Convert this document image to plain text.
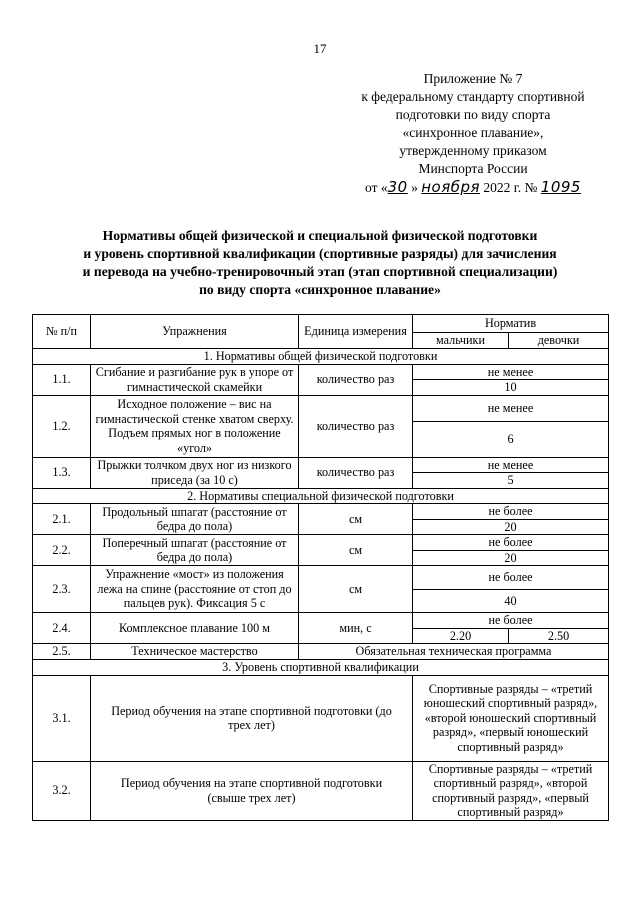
17
Приложение № 7
к федеральному стандарту спортивной
подготовки по виду спорта
«синхронное плавание»,
утвержденному приказом
Минспорта России
от «30 » ноября 2022 г. № 1095
Нормативы общей физической и специальной физической подготовки
и уровень спортивной квалификации (спортивные разряды) для зачисления
и перевода на учебно-тренировочный этап (этап спортивной специализации)
по виду спорта «синхронное плавание»
№ п/п	Упражнения	Единица измерения	Норматив	
			мальчики	девочки
1. Нормативы общей физической подготовки				
1.1.	Сгибание и разгибание рук в упоре от гимнастической скамейки	количество раз	не менее	
			10	
1.2.	Исходное положение – вис на гимнастической стенке хватом сверху. Подъем прямых ног в положение «угол»	количество раз	не менее	
			6	
1.3.	Прыжки толчком двух ног из низкого приседа (за 10 с)	количество раз	не менее	
			5	
2. Нормативы специальной физической подготовки				
2.1.	Продольный шпагат (расстояние от бедра до пола)	см	не более	
			20	
2.2.	Поперечный шпагат (расстояние от бедра до пола)	см	не более	
			20	
2.3.	Упражнение «мост» из положения лежа на спине (расстояние от стоп до пальцев рук). Фиксация 5 с	см	не более	
			40	
2.4.	Комплексное плавание 100 м	мин, с	не более	
			2.20	2.50
2.5.	Техническое мастерство	Обязательная техническая программа		
3. Уровень спортивной квалификации				
3.1.	Период обучения на этапе спортивной подготовки (до трех лет)		Спортивные разряды – «третий юношеский спортивный разряд», «второй юношеский спортивный разряд», «первый юношеский спортивный разряд»	
3.2.	Период обучения на этапе спортивной подготовки (свыше трех лет)		Спортивные разряды – «третий спортивный разряд», «второй спортивный разряд», «первый спортивный разряд»	
